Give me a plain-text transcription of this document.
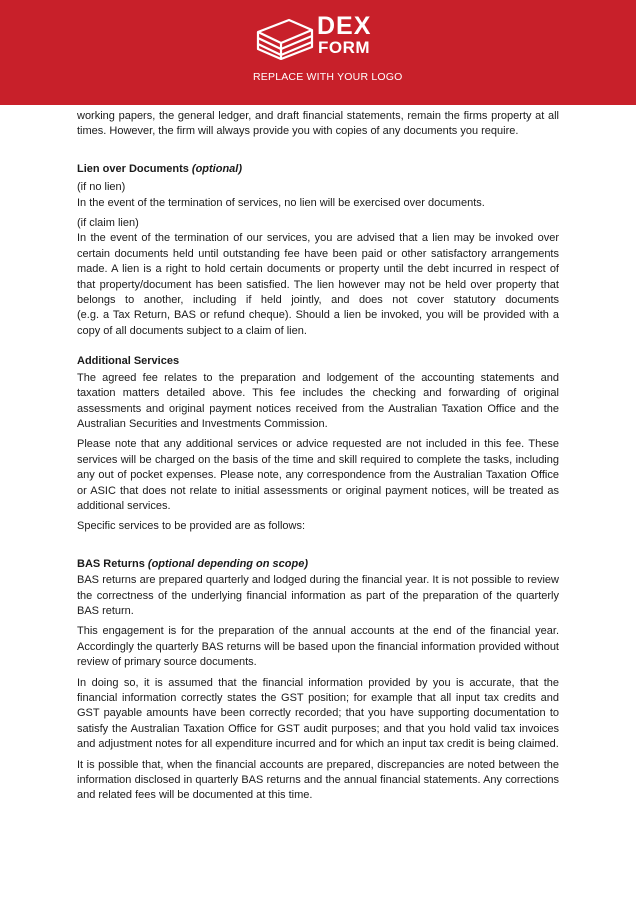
DEX
FORM
REPLACE WITH YOUR LOGO

working papers, the general ledger, and draft financial statements, remain the firms property at all times. However, the firm will always provide you with copies of any documents you require.

Lien over Documents (optional)

(if no lien)

In the event of the termination of services, no lien will be exercised over documents.

(if claim lien)

In the event of the termination of our services, you are advised that a lien may be invoked over certain documents held until outstanding fee have been paid or other satisfactory arrangements made. A lien is a right to hold certain documents or property until the debt incurred in respect of that property/document has been satisfied. The lien however may not be held over property that belongs to another, including if held jointly, and does not cover statutory documents

(e.g. a Tax Return, BAS or refund cheque). Should a lien be invoked, you will be provided with a copy of all documents subject to a claim of lien.

Additional Services

The agreed fee relates to the preparation and lodgement of the accounting statements and taxation matters detailed above. This fee includes the checking and forwarding of original assessments and original payment notices received from the Australian Taxation Office and the Australian Securities and Investments Commission.

Please note that any additional services or advice requested are not included in this fee. These services will be charged on the basis of the time and skill required to complete the tasks, including any out of pocket expenses. Please note, any correspondence from the Australian Taxation Office or ASIC that does not relate to initial assessments or original payment notices, will be treated as additional services.

Specific services to be provided are as follows:

BAS Returns (optional depending on scope)

BAS returns are prepared quarterly and lodged during the financial year. It is not possible to review the correctness of the underlying financial information as part of the preparation of the quarterly BAS return.

This engagement is for the preparation of the annual accounts at the end of the financial year. Accordingly the quarterly BAS returns will be based upon the financial information provided without review of primary source documents.

In doing so, it is assumed that the financial information provided by you is accurate, that the financial information correctly states the GST position; for example that all input tax credits and GST payable amounts have been correctly recorded; that you have supporting documentation to satisfy the Australian Taxation Office for GST audit purposes; and that you hold valid tax invoices and adjustment notes for all expenditure incurred and for which an input tax credit is being claimed.

It is possible that, when the financial accounts are prepared, discrepancies are noted between the information disclosed in quarterly BAS returns and the annual financial statements. Any corrections and related fees will be documented at this time.
